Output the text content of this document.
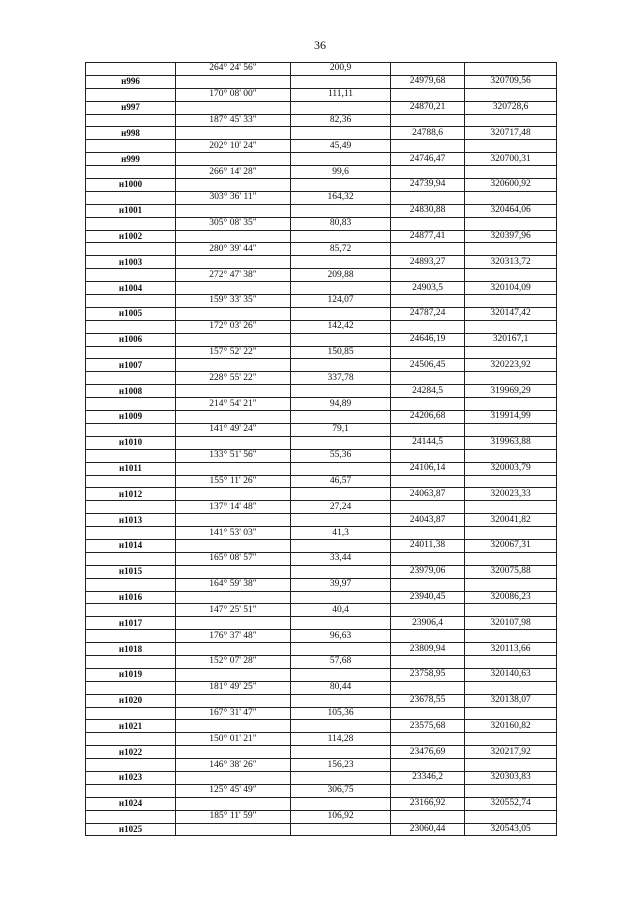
36
	264° 24' 56"	200,9		
н996			24979,68	320709,56
	170° 08' 00"	111,11		
н997			24870,21	320728,6
	187° 45' 33"	82,36		
н998			24788,6	320717,48
	202° 10' 24"	45,49		
н999			24746,47	320700,31
	266° 14' 28"	99,6		
н1000			24739,94	320600,92
	303° 36' 11"	164,32		
н1001			24830,88	320464,06
	305° 08' 35"	80,83		
н1002			24877,41	320397,96
	280° 39' 44"	85,72		
н1003			24893,27	320313,72
	272° 47' 38"	209,88		
н1004			24903,5	320104,09
	159° 33' 35"	124,07		
н1005			24787,24	320147,42
	172° 03' 26"	142,42		
н1006			24646,19	320167,1
	157° 52' 22"	150,85		
н1007			24506,45	320223,92
	228° 55' 22"	337,78		
н1008			24284,5	319969,29
	214° 54' 21"	94,89		
н1009			24206,68	319914,99
	141° 49' 24"	79,1		
н1010			24144,5	319963,88
	133° 51' 56"	55,36		
н1011			24106,14	320003,79
	155° 11' 26"	46,57		
н1012			24063,87	320023,33
	137° 14' 48"	27,24		
н1013			24043,87	320041,82
	141° 53' 03"	41,3		
н1014			24011,38	320067,31
	165° 08' 57"	33,44		
н1015			23979,06	320075,88
	164° 59' 38"	39,97		
н1016			23940,45	320086,23
	147° 25' 51"	40,4		
н1017			23906,4	320107,98
	176° 37' 48"	96,63		
н1018			23809,94	320113,66
	152° 07' 28"	57,68		
н1019			23758,95	320140,63
	181° 49' 25"	80,44		
н1020			23678,55	320138,07
	167° 31' 47"	105,36		
н1021			23575,68	320160,82
	150° 01' 21"	114,28		
н1022			23476,69	320217,92
	146° 38' 26"	156,23		
н1023			23346,2	320303,83
	125° 45' 49"	306,75		
н1024			23166,92	320552,74
	185° 11' 59"	106,92		
н1025			23060,44	320543,05
